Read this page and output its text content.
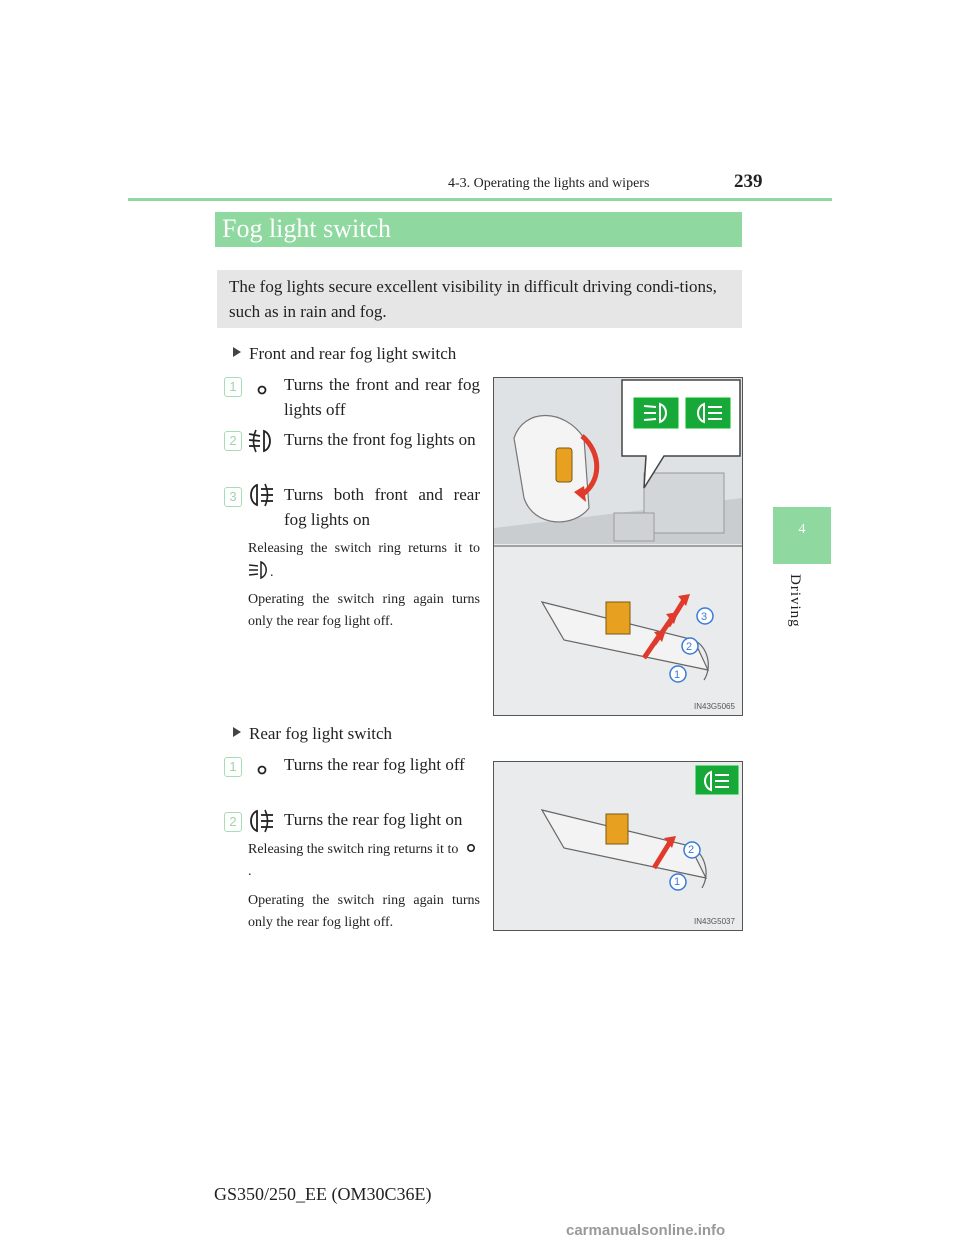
4-3. Operating the lights and wipers	239
4
Driving
Fog light switch
The fog lights secure excellent visibility in difficult driving condi-tions, such as in rain and fog.
Front and rear fog light switch
1	Turns the front and rear fog lights off
2	Turns the front fog lights on
3	Turns both front and rear fog lights on
Releasing the switch ring returns it to .
Operating the switch ring again turns only the rear fog light off.
1
2
3
IN43G5065
Rear fog light switch
1	Turns the rear fog light off
2	Turns the rear fog light on
Releasing the switch ring returns it to .
Operating the switch ring again turns only the rear fog light off.
1
2
IN43G5037
GS350/250_EE (OM30C36E)
carmanualsonline.info
